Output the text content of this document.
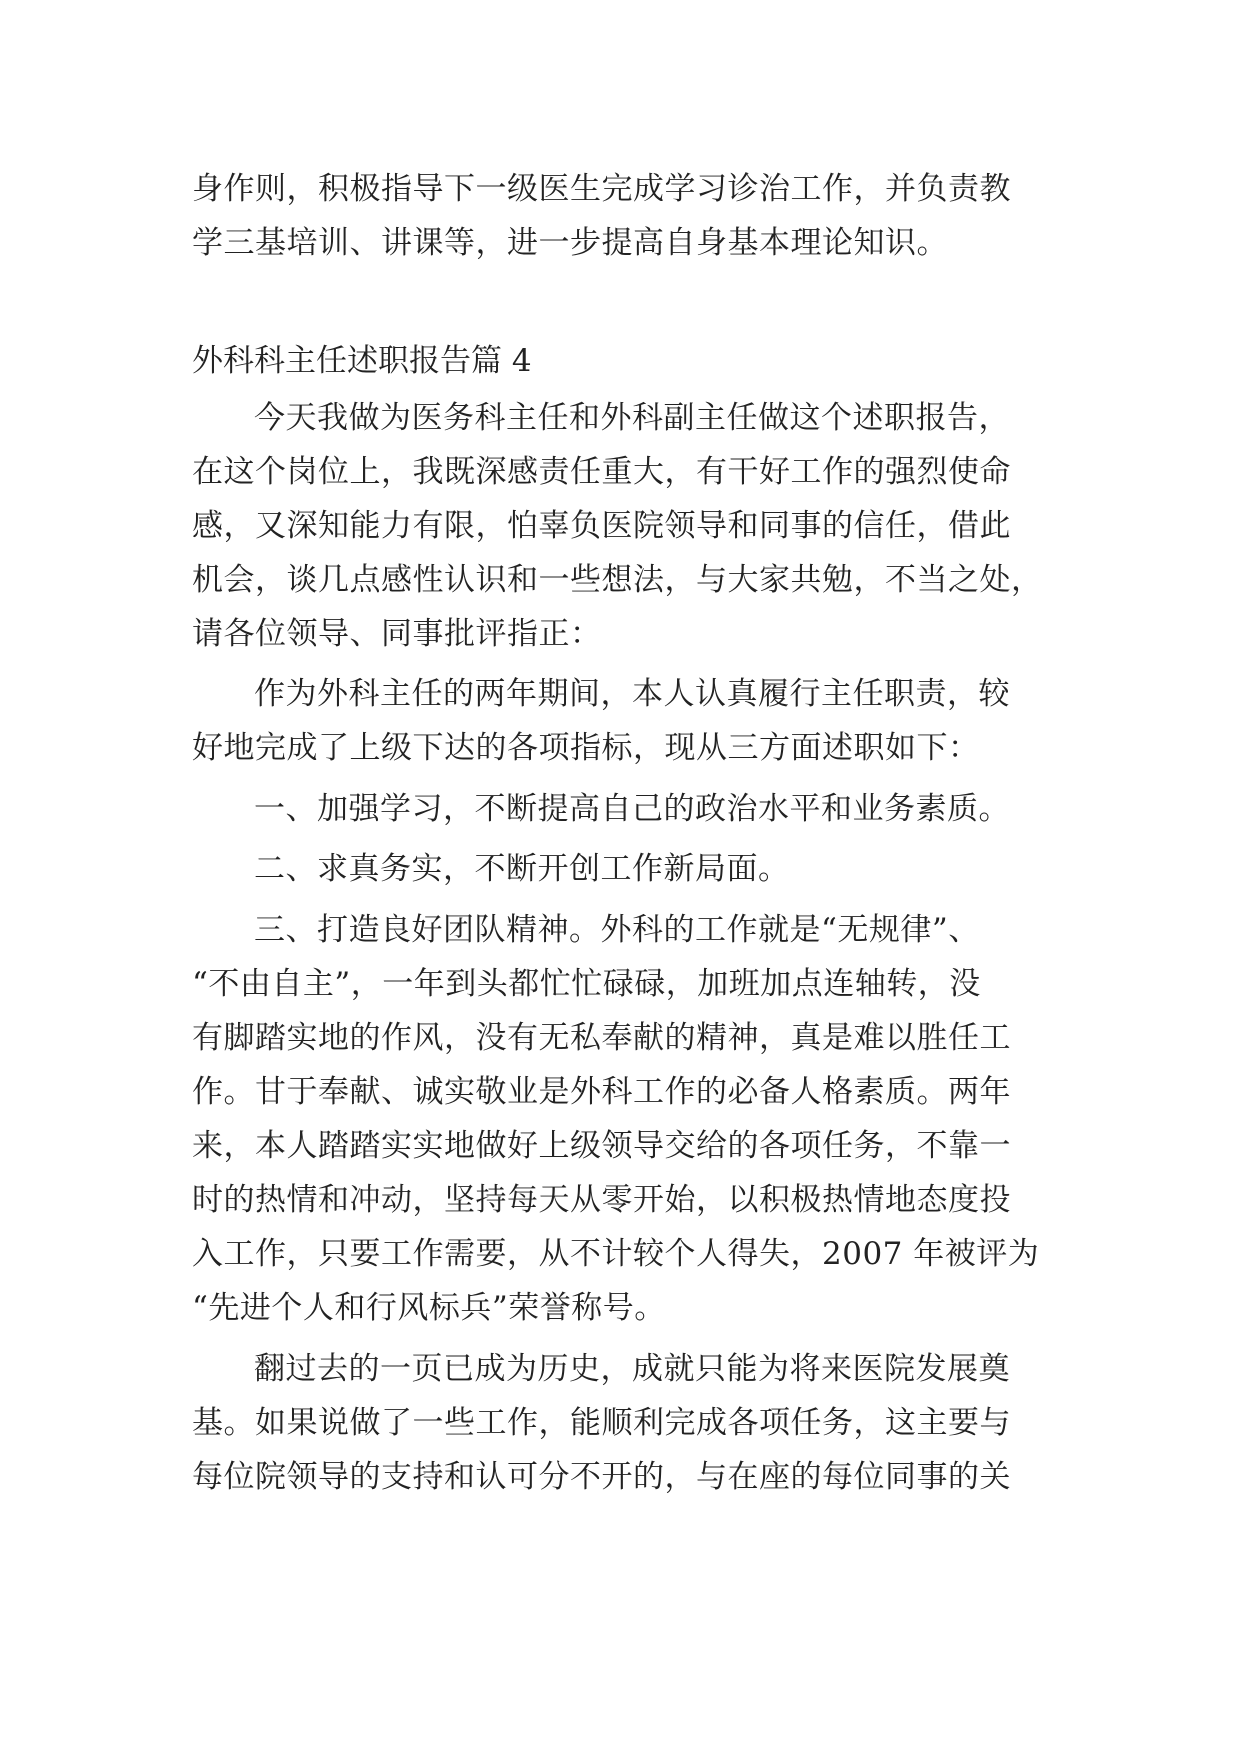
身作则，积极指导下一级医生完成学习诊治工作，并负责教
学三基培训、讲课等，进一步提高自身基本理论知识。
外科科主任述职报告篇 4
今天我做为医务科主任和外科副主任做这个述职报告，
在这个岗位上，我既深感责任重大，有干好工作的强烈使命
感，又深知能力有限，怕辜负医院领导和同事的信任，借此
机会，谈几点感性认识和一些想法，与大家共勉，不当之处，
请各位领导、同事批评指正：
作为外科主任的两年期间，本人认真履行主任职责，较
好地完成了上级下达的各项指标，现从三方面述职如下：
一、加强学习，不断提高自己的政治水平和业务素质。
二、求真务实，不断开创工作新局面。
三、打造良好团队精神。外科的工作就是“无规律”、
“不由自主”，一年到头都忙忙碌碌，加班加点连轴转，没
有脚踏实地的作风，没有无私奉献的精神，真是难以胜任工
作。甘于奉献、诚实敬业是外科工作的必备人格素质。两年
来，本人踏踏实实地做好上级领导交给的各项任务，不靠一
时的热情和冲动，坚持每天从零开始，以积极热情地态度投
入工作，只要工作需要，从不计较个人得失，2007 年被评为
“先进个人和行风标兵”荣誉称号。
翻过去的一页已成为历史，成就只能为将来医院发展奠
基。如果说做了一些工作，能顺利完成各项任务，这主要与
每位院领导的支持和认可分不开的，与在座的每位同事的关
